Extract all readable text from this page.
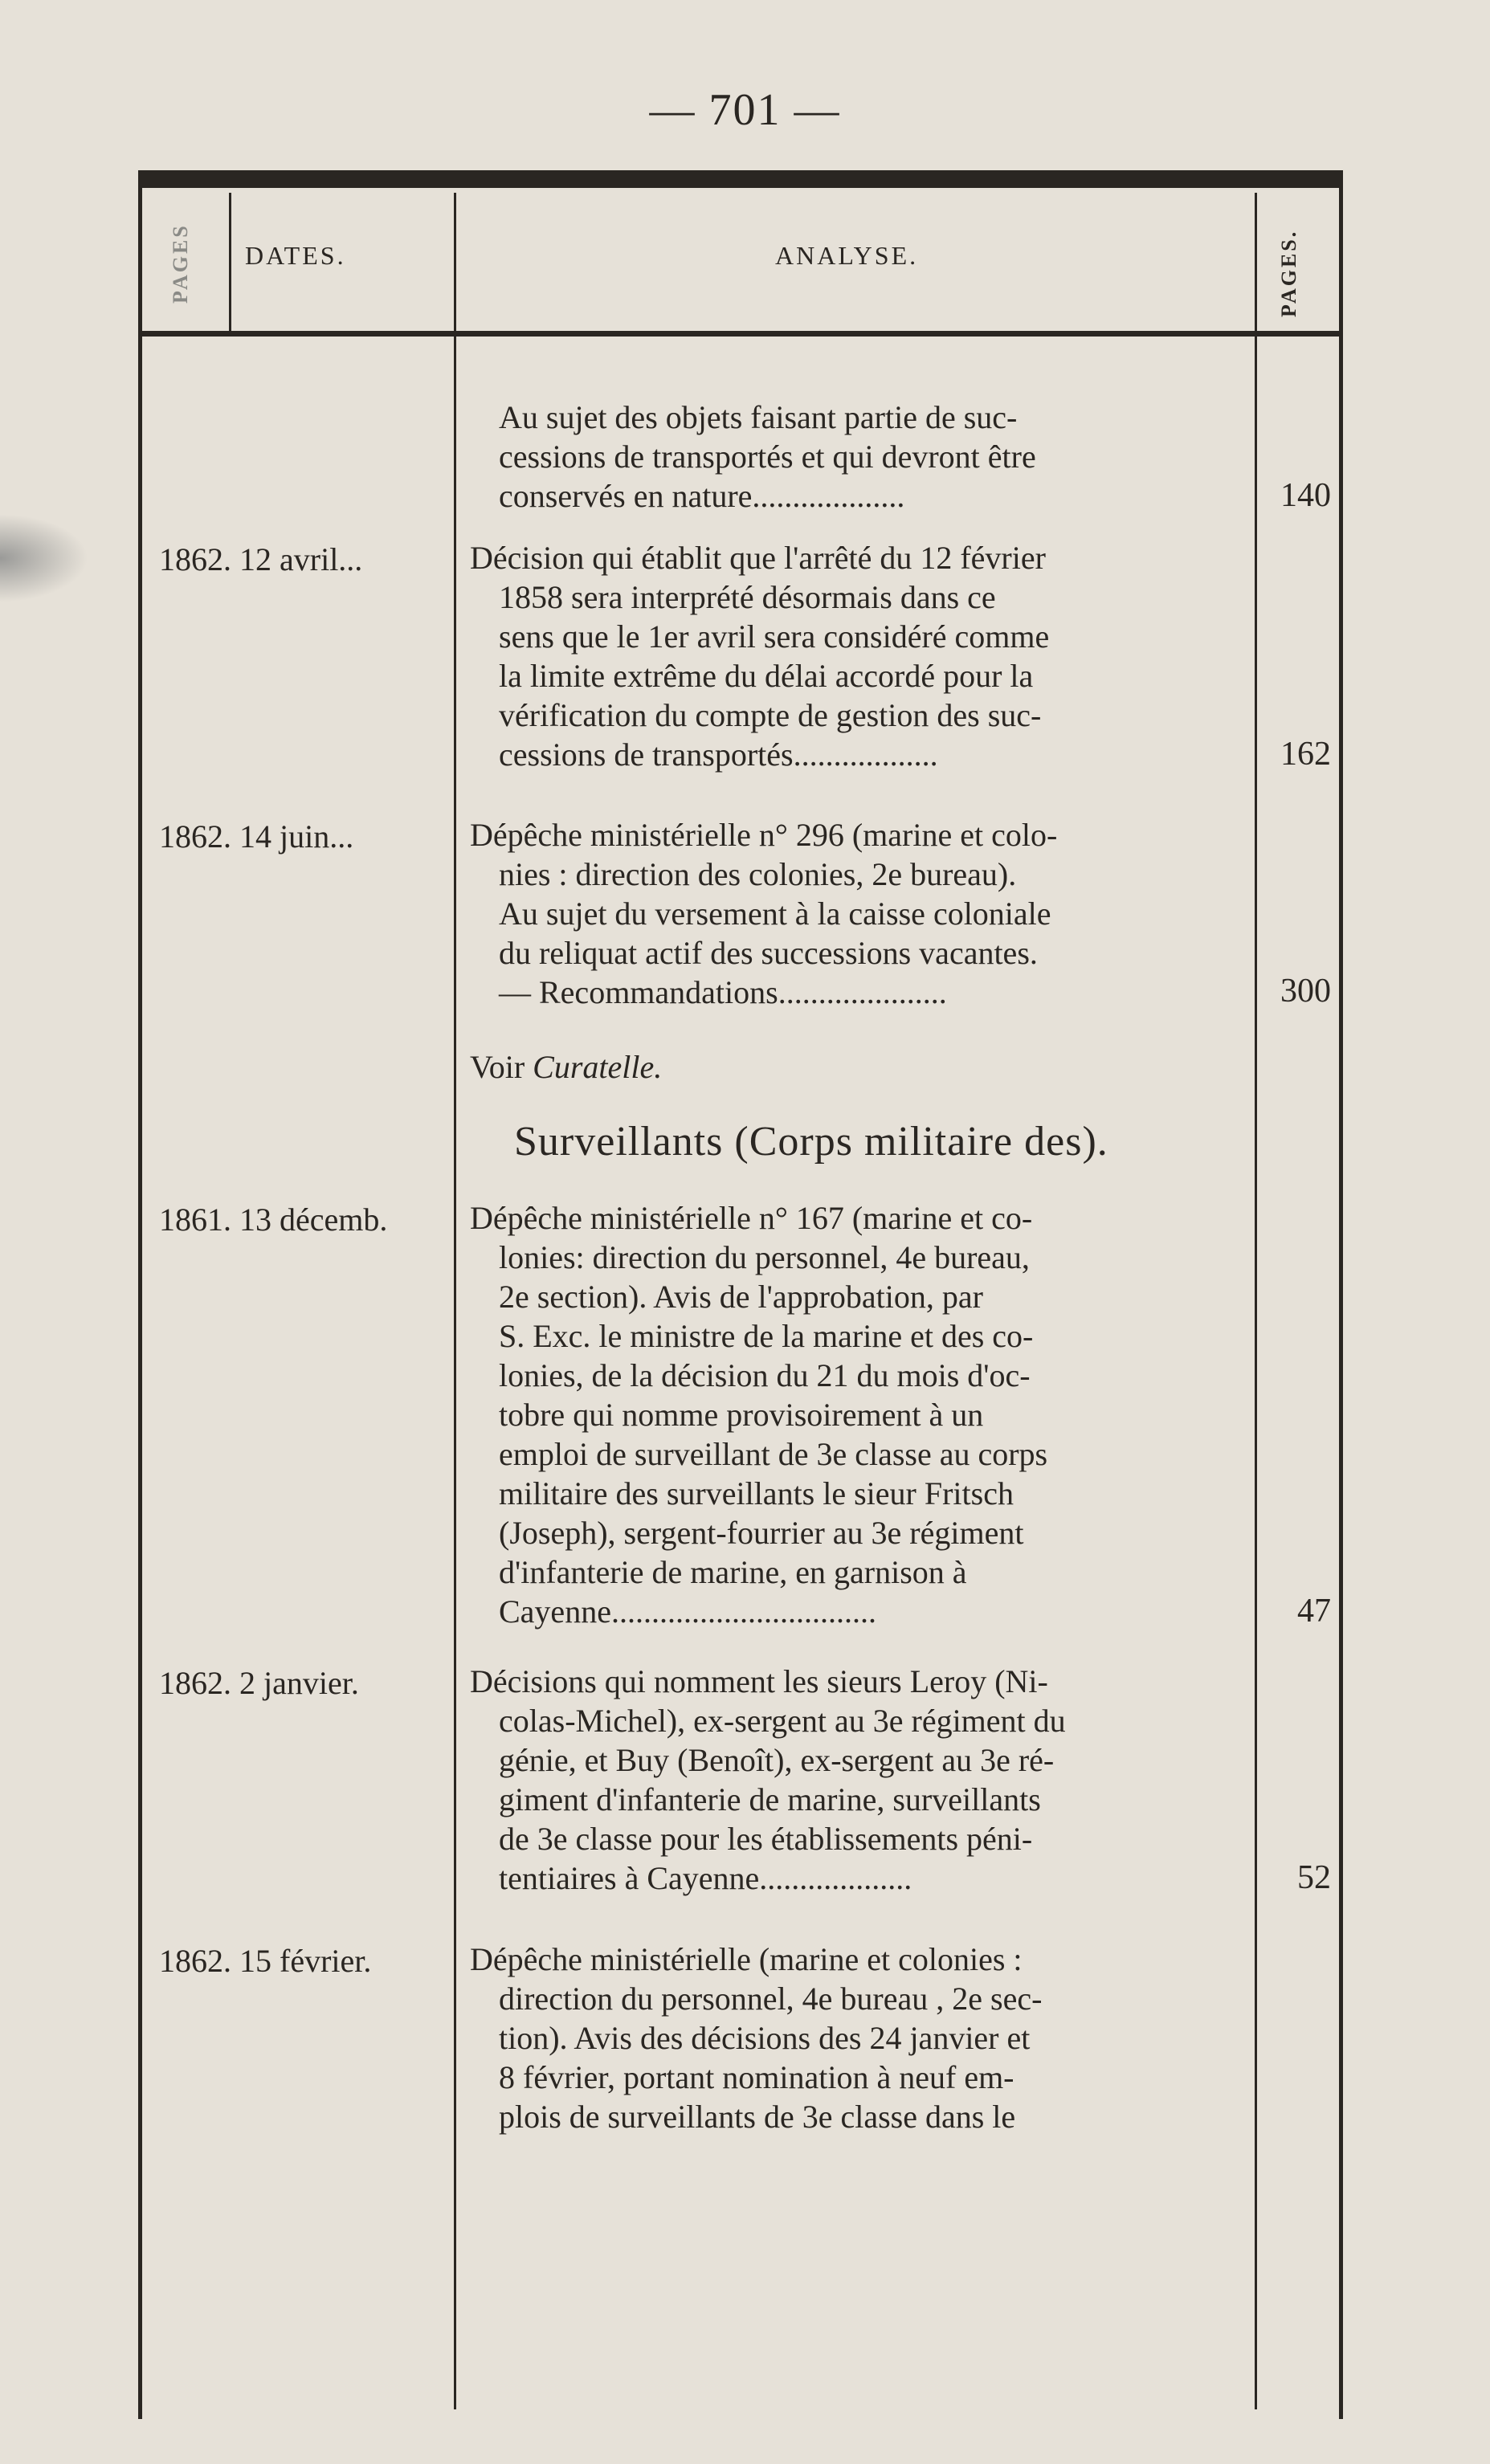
— 701 —
PAGES DATES.	ANALYSE.	PAGES.
Au sujet des objets faisant partie de suc-
cessions de transportés et qui devront être
conservés en nature...................	140
1862. 12 avril...	Décision qui établit que l'arrêté du 12 février
1858 sera interprété désormais dans ce
sens que le 1er avril sera considéré comme
la limite extrême du délai accordé pour la
vérification du compte de gestion des suc-
cessions de transportés..................	162
1862. 14 juin...	Dépêche ministérielle n° 296 (marine et colo-
nies : direction des colonies, 2e bureau).
Au sujet du versement à la caisse coloniale
du reliquat actif des successions vacantes.
— Recommandations.....................	300
Voir Curatelle.
Surveillants (Corps militaire des).
1861. 13 décemb.	Dépêche ministérielle n° 167 (marine et co-
lonies: direction du personnel, 4e bureau,
2e section). Avis de l'approbation, par
S. Exc. le ministre de la marine et des co-
lonies, de la décision du 21 du mois d'oc-
tobre qui nomme provisoirement à un
emploi de surveillant de 3e classe au corps
militaire des surveillants le sieur Fritsch
(Joseph), sergent-fourrier au 3e régiment
d'infanterie de marine, en garnison à
Cayenne.................................	47
1862. 2 janvier.	Décisions qui nomment les sieurs Leroy (Ni-
colas-Michel), ex-sergent au 3e régiment du
génie, et Buy (Benoît), ex-sergent au 3e ré-
giment d'infanterie de marine, surveillants
de 3e classe pour les établissements péni-
tentiaires à Cayenne...................	52
1862. 15 février.	Dépêche ministérielle (marine et colonies :
direction du personnel, 4e bureau , 2e sec-
tion). Avis des décisions des 24 janvier et
8 février, portant nomination à neuf em-
plois de surveillants de 3e classe dans le
